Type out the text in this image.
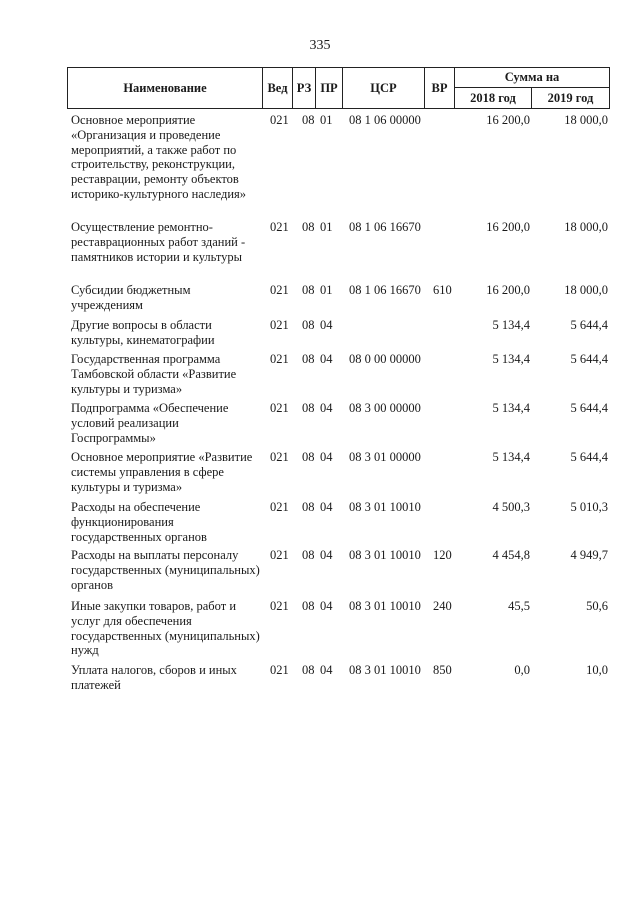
335
Наименование	Вед РЗ ПР	ЦСР	ВР
Сумма на
2018 год	2019 год
Основное мероприятие «Организация и проведение мероприятий, а также работ по строительству, реконструкции, реставрации, ремонту объектов историко-культурного наследия»
021 08 01 08 1 06 00000	16 200,0	18 000,0
Осуществление ремонтно-реставрационных работ зданий - памятников истории и культуры
021 08 01 08 1 06 16670	16 200,0	18 000,0
Субсидии бюджетным учреждениям
021 08 01 08 1 06 16670 610	16 200,0	18 000,0
Другие вопросы в области культуры, кинематографии
021 08 04	5 134,4	5 644,4
Государственная программа Тамбовской области «Развитие культуры и туризма»
021 08 04 08 0 00 00000	5 134,4	5 644,4
Подпрограмма «Обеспечение условий реализации Госпрограммы»
021 08 04 08 3 00 00000	5 134,4	5 644,4
Основное мероприятие «Развитие системы управления в сфере культуры и туризма»
021 08 04 08 3 01 00000	5 134,4	5 644,4
Расходы на обеспечение функционирования государственных органов
021 08 04 08 3 01 10010	4 500,3	5 010,3
Расходы на выплаты персоналу государственных (муниципальных) органов
021 08 04 08 3 01 10010 120	4 454,8	4 949,7
Иные закупки товаров, работ и услуг для обеспечения государственных (муниципальных) нужд
021 08 04 08 3 01 10010 240	45,5	50,6
Уплата налогов, сборов и иных платежей
021 08 04 08 3 01 10010 850	0,0	10,0
